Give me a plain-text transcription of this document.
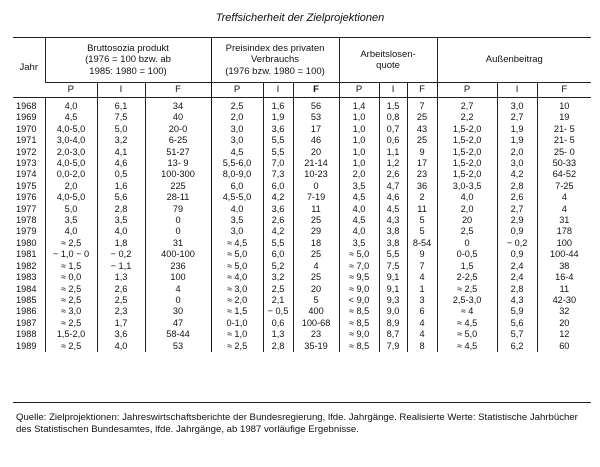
Treffsicherheit der Zielprojektionen
Jahr	Bruttosozia produkt
(1976 = 100 bzw. ab
1985: 1980 = 100)			Preisindex des privaten
Verbrauchs
(1976 bzw. 1980 = 100)			Arbeitslosen-
quote			Außenbeitrag		
	P	I	F	P	I	F	P	I	F	P	I	F
1968	4,0	6,1	34	2,5	1,6	56	1,4	1,5	7	2,7	3,0	10
1969	4,5	7,5	40	2,0	1,9	53	1,0	0,8	25	2,2	2,7	19
1970	4,0-5,0	5,0	20-0	3,0	3,6	17	1,0	0,7	43	1,5-2,0	1,9	21- 5
1971	3,0-4,0	3,2	6-25	3,0	5,5	46	1,0	0,6	25	1,5-2,0	1,9	21- 5
1972	2,0-3,0	4,1	51-27	4,5	5,5	20	1,0	1,1	9	1,5-2,0	2,0	25- 0
1973	4,0-5,0	4,6	13- 9	5,5-6,0	7,0	21-14	1,0	1,2	17	1,5-2,0	3,0	50-33
1974	0,0-2,0	0,5	100-300	8,0-9,0	7,3	10-23	2,0	2,6	23	1,5-2,0	4,2	64-52
1975	2,0	1,6	225	6,0	6,0	0	3,5	4,7	36	3,0-3,5	2,8	7-25
1976	4,0-5,0	5,6	28-11	4,5-5,0	4,2	7-19	4,5	4,6	2	4,0	2,6	4
1977	5,0	2,8	79	4,0	3,6	11	4,0	4,5	11	2,0	2,7	4
1978	3,5	3,5	0	3,5	2,6	25	4,5	4,3	5	20	2,9	31
1979	4,0	4,0	0	3,0	4,2	29	4,0	3,8	5	2,5	0,9	178
1980	≈ 2,5	1,8	31	≈ 4,5	5,5	18	3,5	3,8	8-54	0	− 0,2	100
1981	− 1,0 − 0	− 0,2	400-100	≈ 5,0	6,0	25	≈ 5,0	5,5	9	0-0,5	0,9	100-44
1982	≈ 1,5	− 1,1	236	≈ 5,0	5,2	4	≈ 7,0	7,5	7	1,5	2,4	38
1983	≈ 0,0	1,3	100	≈ 4,0	3,2	25	≈ 9,5	9,1	4	2-2,5	2,4	16-4
1984	≈ 2,5	2,6	4	≈ 3,0	2,5	20	≈ 9,0	9,1	1	≈ 2,5	2,8	11
1985	≈ 2,5	2,5	0	≈ 2,0	2,1	5	< 9,0	9,3	3	2,5-3,0	4,3	42-30
1986	≈ 3,0	2,3	30	≈ 1,5	− 0,5	400	≈ 8,5	9,0	6	≈ 4	5,9	32
1987	≈ 2,5	1,7	47	0-1,0	0,6	100-68	≈ 8,5	8,9	4	≈ 4,5	5,6	20
1988	1,5-2,0	3,6	58-44	≈ 1,0	1,3	23	≈ 9,0	8,7	4	≈ 5,0	5,7	12
1989	≈ 2,5	4,0	53	≈ 2,5	2,8	35-19	≈ 8,5	7,9	8	≈ 4,5	6,2	60
Quelle: Zielprojektionen: Jahreswirtschaftsberichte der Bundesregierung, lfde. Jahrgänge. Realisierte Werte: Statistische Jahrbücher des Statistischen Bundesamtes, lfde. Jahrgänge, ab 1987 vorläufige Ergebnisse.
